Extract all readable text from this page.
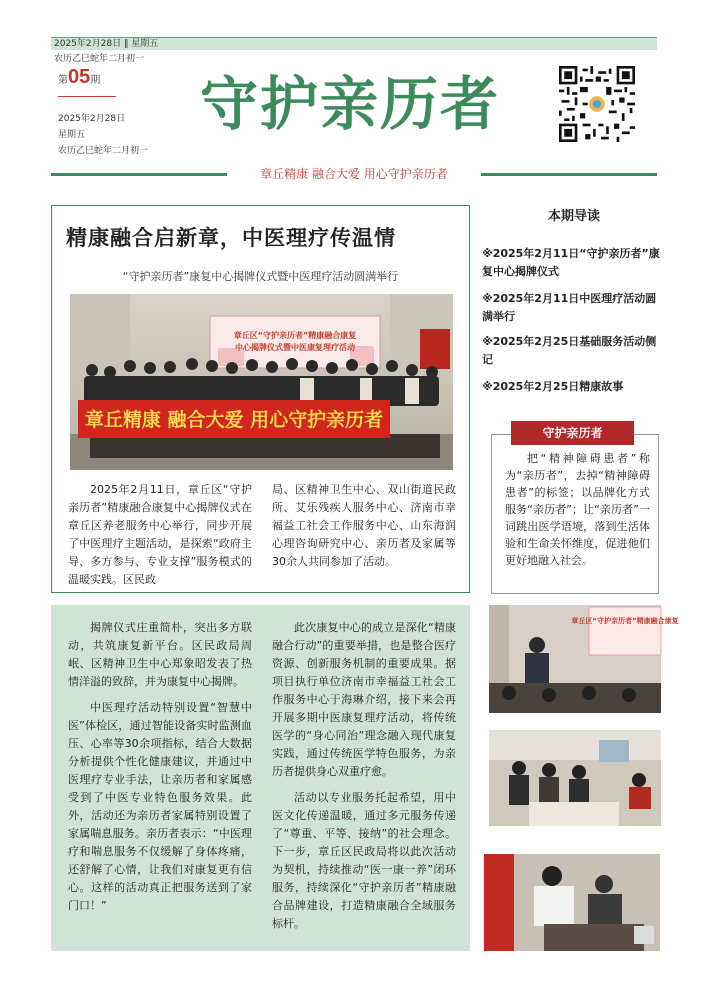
2025年2月28日 ‖ 星期五
农历乙巳蛇年二月初一
第05期
2025年2月28日
星期五
农历乙巳蛇年二月初一
守护亲历者
章丘精康 融合大爱 用心守护亲历者
精康融合启新章，中医理疗传温情
“守护亲历者”康复中心揭牌仪式暨中医理疗活动圆满举行
章丘精康 融合大爱 用心守护亲历者
章丘区“守护亲历者”精康融合康复
中心揭牌仪式暨中医康复理疗活动
2025年2月11日，章丘区“守护亲历者”精康融合康复中心揭牌仪式在章丘区养老服务中心举行，同步开展了中医理疗主题活动，是探索“政府主导、多方参与、专业支撑”服务模式的温暖实践。区民政
局、区精神卫生中心、双山街道民政所、艾乐残疾人服务中心、济南市幸福益工社会工作服务中心、山东海润心理咨询研究中心、亲历者及家属等30余人共同参加了活动。
本期导读
※2025年2月11日“守护亲历者”康复中心揭牌仪式
※2025年2月11日中医理疗活动圆满举行
※2025年2月25日基础服务活动侧记
※2025年2月25日精康故事
守护亲历者
把“精神障碍患者”称为“亲历者”，去掉“精神障碍患者”的标签；以品牌化方式服务“亲历者”；让“亲历者”一词跳出医学语境，落到生活体验和生命关怀维度，促进他们更好地融入社会。
揭牌仪式庄重简朴，突出多方联动，共筑康复新平台。区民政局周岷、区精神卫生中心郑象昭发表了热情洋溢的致辞，并为康复中心揭牌。
中医理疗活动特别设置“智慧中医”体检区，通过智能设备实时监测血压、心率等30余项指标，结合大数据分析提供个性化健康建议，并通过中医理疗专业手法，让亲历者和家属感受到了中医专业特色服务效果。此外，活动还为亲历者家属特别设置了家属喘息服务。亲历者表示：“中医理疗和喘息服务不仅缓解了身体疼痛，还舒解了心情，让我们对康复更有信心。这样的活动真正把服务送到了家门口！”
此次康复中心的成立是深化“精康融合行动”的重要举措，也是整合医疗资源、创新服务机制的重要成果。据项目执行单位济南市幸福益工社会工作服务中心于海琳介绍，接下来会再开展多期中医康复理疗活动，将传统医学的“身心同治”理念融入现代康复实践，通过传统医学特色服务，为亲历者提供身心双重疗愈。
活动以专业服务托起希望，用中医文化传递温暖，通过多元服务传递了“尊重、平等、接纳”的社会理念。下一步，章丘区民政局将以此次活动为契机，持续推动“医一康一养”闭环服务，持续深化“守护亲历者”精康融合品牌建设，打造精康融合全域服务标杆。
章丘区“守护亲历者”精康融合康复
